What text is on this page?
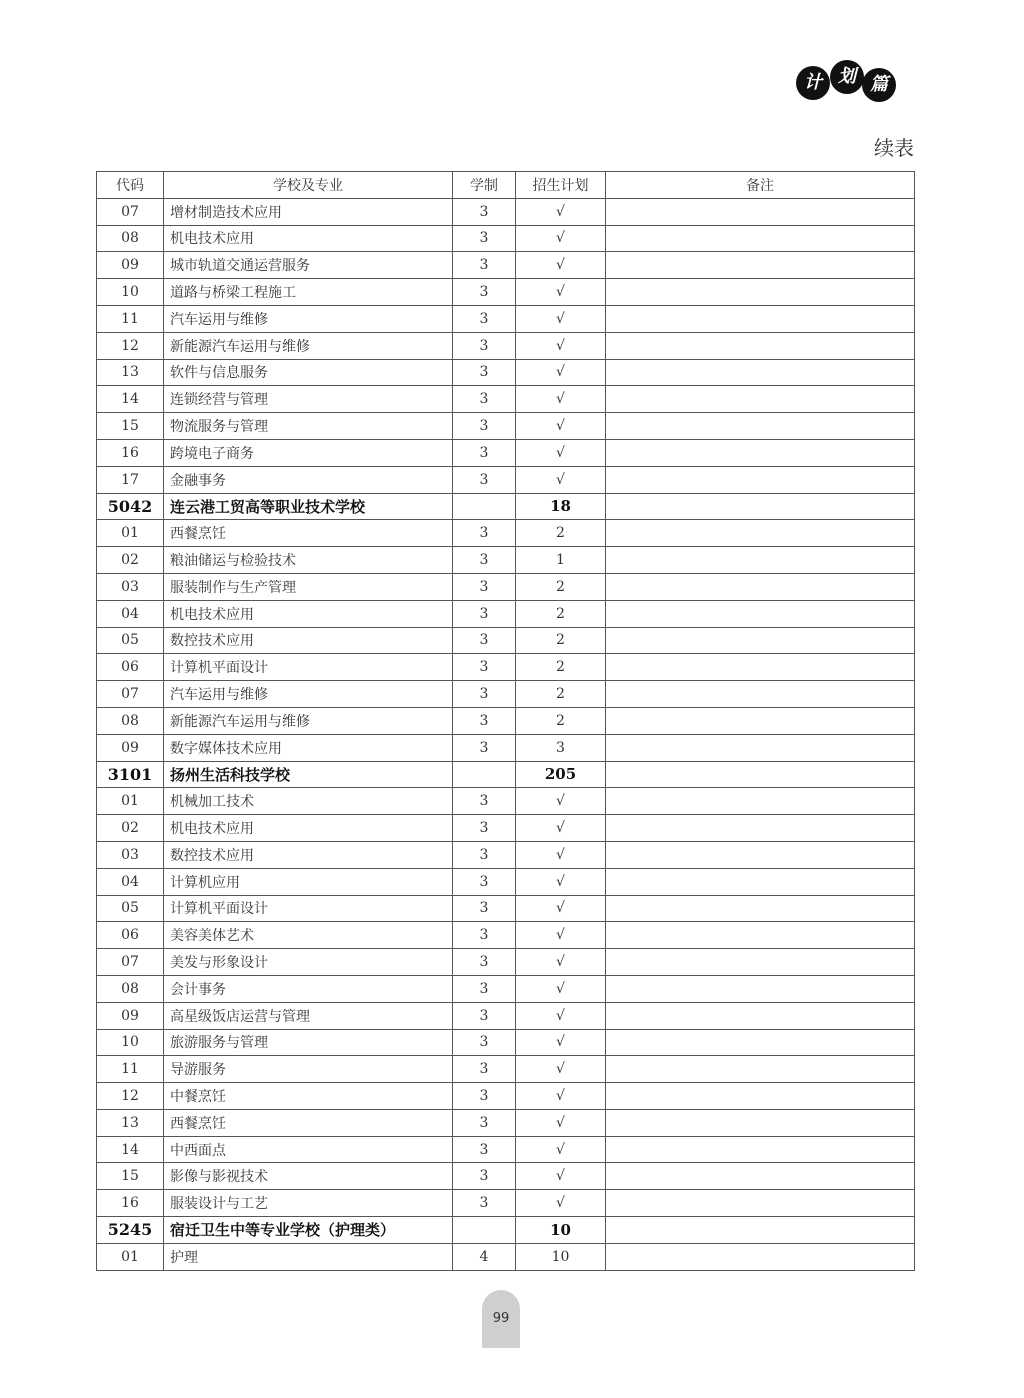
计 划 篇
续表
代码	学校及专业	学制	招生计划	备注
07	增材制造技术应用	3	√	
08	机电技术应用	3	√	
09	城市轨道交通运营服务	3	√	
10	道路与桥梁工程施工	3	√	
11	汽车运用与维修	3	√	
12	新能源汽车运用与维修	3	√	
13	软件与信息服务	3	√	
14	连锁经营与管理	3	√	
15	物流服务与管理	3	√	
16	跨境电子商务	3	√	
17	金融事务	3	√	
5042	连云港工贸高等职业技术学校		18	
01	西餐烹饪	3	2	
02	粮油储运与检验技术	3	1	
03	服装制作与生产管理	3	2	
04	机电技术应用	3	2	
05	数控技术应用	3	2	
06	计算机平面设计	3	2	
07	汽车运用与维修	3	2	
08	新能源汽车运用与维修	3	2	
09	数字媒体技术应用	3	3	
3101	扬州生活科技学校		205	
01	机械加工技术	3	√	
02	机电技术应用	3	√	
03	数控技术应用	3	√	
04	计算机应用	3	√	
05	计算机平面设计	3	√	
06	美容美体艺术	3	√	
07	美发与形象设计	3	√	
08	会计事务	3	√	
09	高星级饭店运营与管理	3	√	
10	旅游服务与管理	3	√	
11	导游服务	3	√	
12	中餐烹饪	3	√	
13	西餐烹饪	3	√	
14	中西面点	3	√	
15	影像与影视技术	3	√	
16	服装设计与工艺	3	√	
5245	宿迁卫生中等专业学校（护理类）		10	
01	护理	4	10	
99
